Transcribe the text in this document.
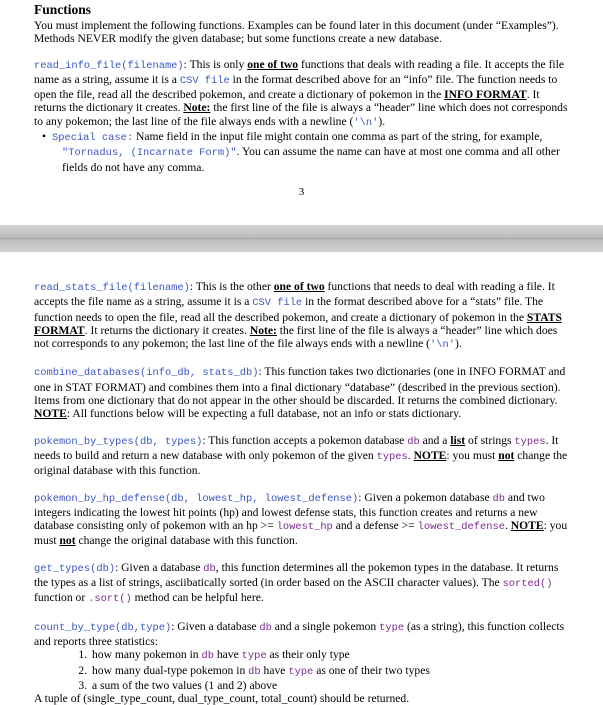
Functions

You must implement the following functions. Examples can be found later in this document (under “Examples”). Methods NEVER modify the given database; but some functions create a new database.

read_info_file(filename): This is only one of two functions that deals with reading a file. It accepts the file name as a string, assume it is a CSV file in the format described above for an “info” file. The function needs to open the file, read all the described pokemon, and create a dictionary of pokemon in the INFO FORMAT. It returns the dictionary it creates. Note: the first line of the file is always a “header” line which does not corresponds to any pokemon; the last line of the file always ends with a newline ('\n').

• Special case: Name field in the input file might contain one comma as part of the string, for example, "Tornadus, (Incarnate Form)". You can assume the name can have at most one comma and all other fields do not have any comma.

3

read_stats_file(filename): This is the other one of two functions that needs to deal with reading a file. It accepts the file name as a string, assume it is a CSV file in the format described above for a “stats” file. The function needs to open the file, read all the described pokemon, and create a dictionary of pokemon in the STATS FORMAT. It returns the dictionary it creates. Note: the first line of the file is always a “header” line which does not corresponds to any pokemon; the last line of the file always ends with a newline ('\n').

combine_databases(info_db, stats_db): This function takes two dictionaries (one in INFO FORMAT and one in STAT FORMAT) and combines them into a final dictionary “database” (described in the previous section). Items from one dictionary that do not appear in the other should be discarded. It returns the combined dictionary. NOTE: All functions below will be expecting a full database, not an info or stats dictionary.

pokemon_by_types(db, types): This function accepts a pokemon database db and a list of strings types. It needs to build and return a new database with only pokemon of the given types. NOTE: you must not change the original database with this function.

pokemon_by_hp_defense(db, lowest_hp, lowest_defense): Given a pokemon database db and two integers indicating the lowest hit points (hp) and lowest defense stats, this function creates and returns a new database consisting only of pokemon with an hp >= lowest_hp and a defense >= lowest_defense. NOTE: you must not change the original database with this function.

get_types(db): Given a database db, this function determines all the pokemon types in the database. It returns the types as a list of strings, asciibatically sorted (in order based on the ASCII character values). The sorted() function or .sort() method can be helpful here.

count_by_type(db,type): Given a database db and a single pokemon type (as a string), this function collects and reports three statistics:

1. how many pokemon in db have type as their only type
2. how many dual-type pokemon in db have type as one of their two types
3. a sum of the two values (1 and 2) above

A tuple of (single_type_count, dual_type_count, total_count) should be returned.
